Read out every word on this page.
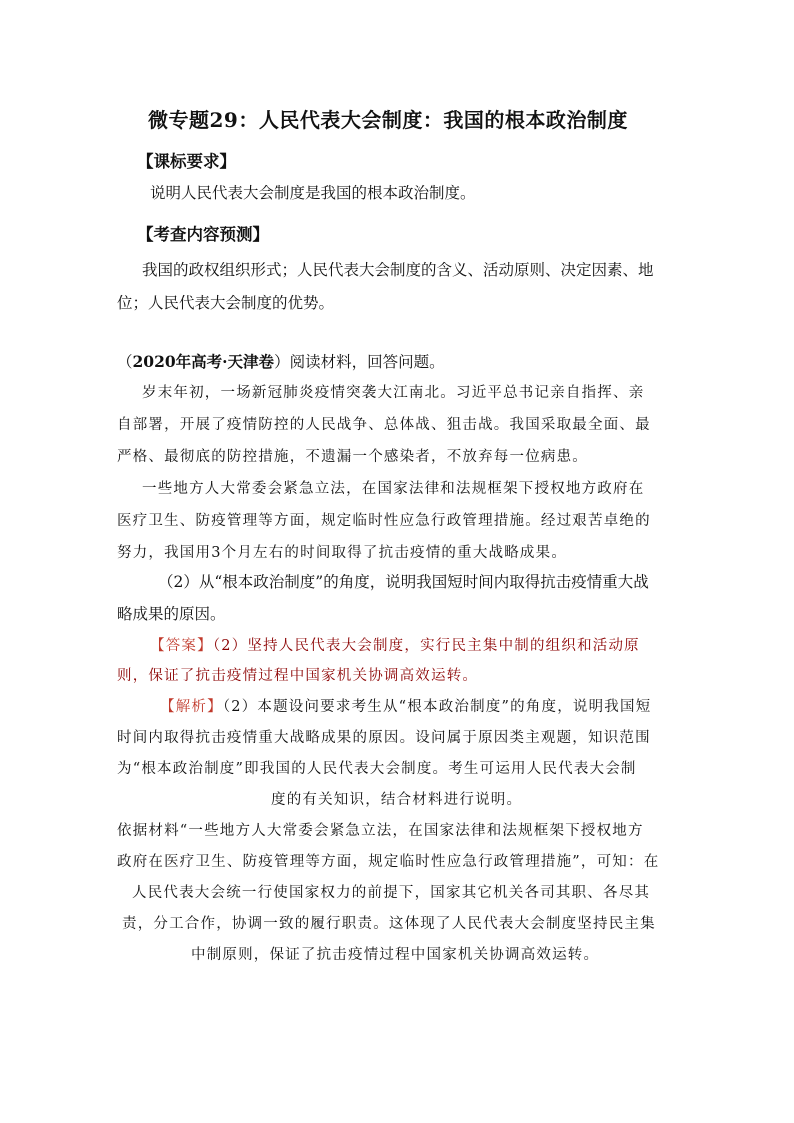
微专题29：人民代表大会制度：我国的根本政治制度
【课标要求】
说明人民代表大会制度是我国的根本政治制度。
【考查内容预测】
我国的政权组织形式；人民代表大会制度的含义、活动原则、决定因素、地
位；人民代表大会制度的优势。
（2020年高考·天津卷）阅读材料，回答问题。
岁末年初，一场新冠肺炎疫情突袭大江南北。习近平总书记亲自指挥、亲
自部署，开展了疫情防控的人民战争、总体战、狙击战。我国采取最全面、最
严格、最彻底的防控措施，不遗漏一个感染者，不放弃每一位病患。
一些地方人大常委会紧急立法，在国家法律和法规框架下授权地方政府在
医疗卫生、防疫管理等方面，规定临时性应急行政管理措施。经过艰苦卓绝的
努力，我国用3个月左右的时间取得了抗击疫情的重大战略成果。
（2）从“根本政治制度”的角度，说明我国短时间内取得抗击疫情重大战
略成果的原因。
【答案】（2）坚持人民代表大会制度，实行民主集中制的组织和活动原
则，保证了抗击疫情过程中国家机关协调高效运转。
【解析】（2）本题设问要求考生从“根本政治制度”的角度，说明我国短
时间内取得抗击疫情重大战略成果的原因。设问属于原因类主观题，知识范围
为“根本政治制度”即我国的人民代表大会制度。考生可运用人民代表大会制
度的有关知识，结合材料进行说明。
依据材料“一些地方人大常委会紧急立法，在国家法律和法规框架下授权地方
政府在医疗卫生、防疫管理等方面，规定临时性应急行政管理措施”，可知：在
人民代表大会统一行使国家权力的前提下，国家其它机关各司其职、各尽其
责，分工合作，协调一致的履行职责。这体现了人民代表大会制度坚持民主集
中制原则，保证了抗击疫情过程中国家机关协调高效运转。
